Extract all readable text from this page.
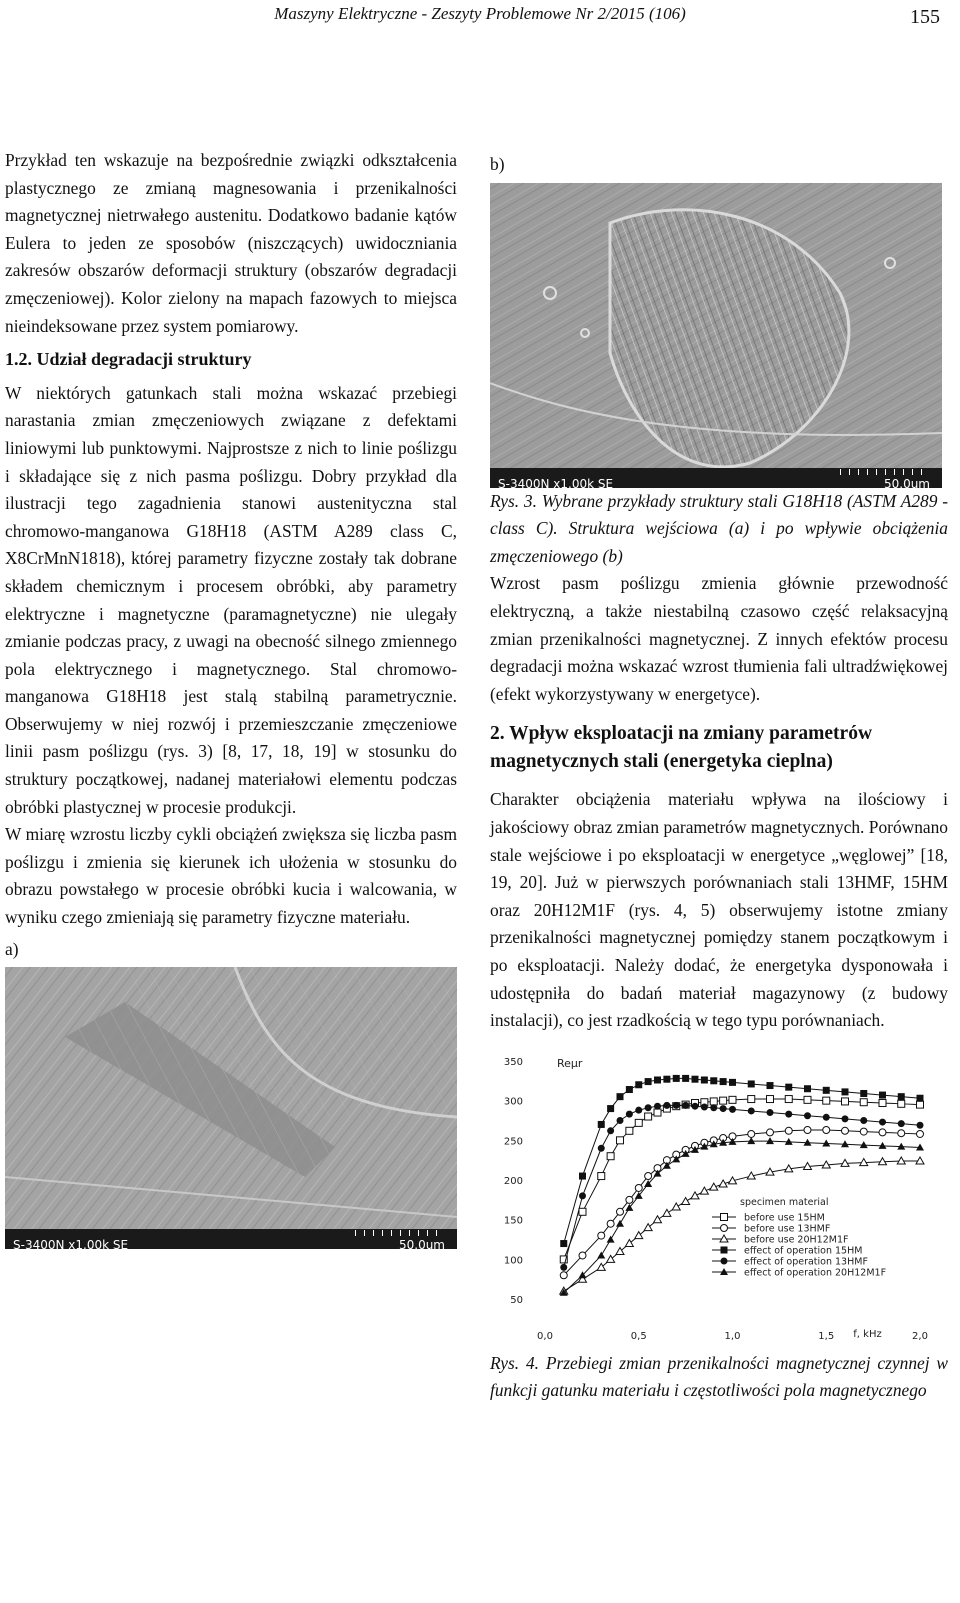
Maszyny Elektryczne - Zeszyty Problemowe Nr 2/2015 (106)	155

Przykład ten wskazuje na bezpośrednie związki odkształcenia plastycznego ze zmianą magnesowania i przenikalności magnetycznej nietrwałego austenitu. Dodatkowo badanie kątów Eulera to jeden ze sposobów (niszczących) uwidoczniania zakresów obszarów deformacji struktury (obszarów degradacji zmęczeniowej). Kolor zielony na mapach fazowych to miejsca nieindeksowane przez system pomiarowy.

1.2. Udział degradacji struktury

W niektórych gatunkach stali można wskazać przebiegi narastania zmian zmęczeniowych związane z defektami liniowymi lub punktowymi. Najprostsze z nich to linie poślizgu i składające się z nich pasma poślizgu. Dobry przykład dla ilustracji tego zagadnienia stanowi austenityczna stal chromowo-manganowa G18H18 (ASTM A289 class C, X8CrMnN1818), której parametry fizyczne zostały tak dobrane składem chemicznym i procesem obróbki, aby parametry elektryczne i magnetyczne (paramagnetyczne) nie ulegały zmianie podczas pracy, z uwagi na obecność silnego zmiennego pola elektrycznego i magnetycznego. Stal chromowo-manganowa G18H18 jest stalą stabilną parametrycznie. Obserwujemy w niej rozwój i przemieszczanie zmęczeniowe linii pasm poślizgu (rys. 3) [8, 17, 18, 19] w stosunku do struktury początkowej, nadanej materiałowi elementu podczas obróbki plastycznej w procesie produkcji.

W miarę wzrostu liczby cykli obciążeń zwiększa się liczba pasm poślizgu i zmienia się kierunek ich ułożenia w stosunku do obrazu powstałego w procesie obróbki kucia i walcowania, w wyniku czego zmieniają się parametry fizyczne materiału.

a)
S-3400N x1.00k SE	50.0um
b)
S-3400N x1.00k SE	50.0um

Rys. 3. Wybrane przykłady struktury stali G18H18 (ASTM A289 - class C). Struktura wejściowa (a) i po wpływie obciążenia zmęczeniowego (b)

Wzrost pasm poślizgu zmienia głównie przewodność elektryczną, a także niestabilną czasowo część relaksacyjną zmian przenikalności magnetycznej. Z innych efektów procesu degradacji można wskazać wzrost tłumienia fali ultradźwiękowej (efekt wykorzystywany w energetyce).

2. Wpływ eksploatacji na zmiany parametrów magnetycznych stali (energetyka cieplna)

Charakter obciążenia materiału wpływa na ilościowy i jakościowy obraz zmian parametrów magnetycznych. Porównano stale wejściowe i po eksploatacji w energetyce „węglowej” [18, 19, 20]. Już w pierwszych porównaniach stali 13HMF, 15HM oraz 20H12M1F (rys. 4, 5) obserwujemy istotne zmiany przenikalności magnetycznej pomiędzy stanem początkowym i po eksploatacji. Należy dodać, że energetyka dysponowała i udostępniła do badań materiał magazynowy (z budowy instalacji), co jest rzadkością w tego typu porównaniach.

50
100
150
200
250
300
350
0,0	0,5	1,0	1,5	2,0
f, kHz
Reμr
specimen material
before use 15HM
before use 13HMF
before use 20H12M1F
effect of operation 15HM
effect of operation 13HMF
effect of operation 20H12M1F

Rys. 4. Przebiegi zmian przenikalności magnetycznej czynnej w funkcji gatunku materiału i częstotliwości pola magnetycznego
